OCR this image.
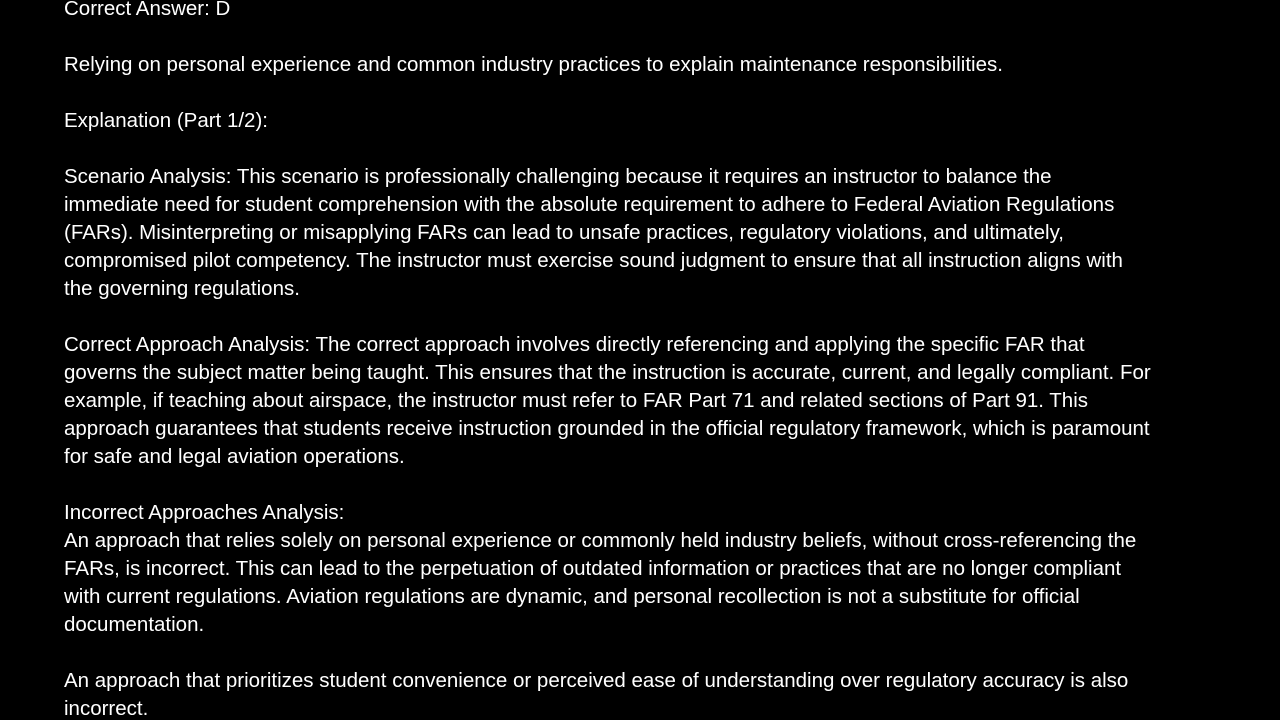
Correct Answer: D
Relying on personal experience and common industry practices to explain maintenance responsibilities.
Explanation (Part 1/2):
Scenario Analysis: This scenario is professionally challenging because it requires an instructor to balance the
immediate need for student comprehension with the absolute requirement to adhere to Federal Aviation Regulations
(FARs). Misinterpreting or misapplying FARs can lead to unsafe practices, regulatory violations, and ultimately,
compromised pilot competency. The instructor must exercise sound judgment to ensure that all instruction aligns with
the governing regulations.
Correct Approach Analysis: The correct approach involves directly referencing and applying the specific FAR that
governs the subject matter being taught. This ensures that the instruction is accurate, current, and legally compliant. For
example, if teaching about airspace, the instructor must refer to FAR Part 71 and related sections of Part 91. This
approach guarantees that students receive instruction grounded in the official regulatory framework, which is paramount
for safe and legal aviation operations.
Incorrect Approaches Analysis:
An approach that relies solely on personal experience or commonly held industry beliefs, without cross-referencing the
FARs, is incorrect. This can lead to the perpetuation of outdated information or practices that are no longer compliant
with current regulations. Aviation regulations are dynamic, and personal recollection is not a substitute for official
documentation.
An approach that prioritizes student convenience or perceived ease of understanding over regulatory accuracy is also
incorrect.
